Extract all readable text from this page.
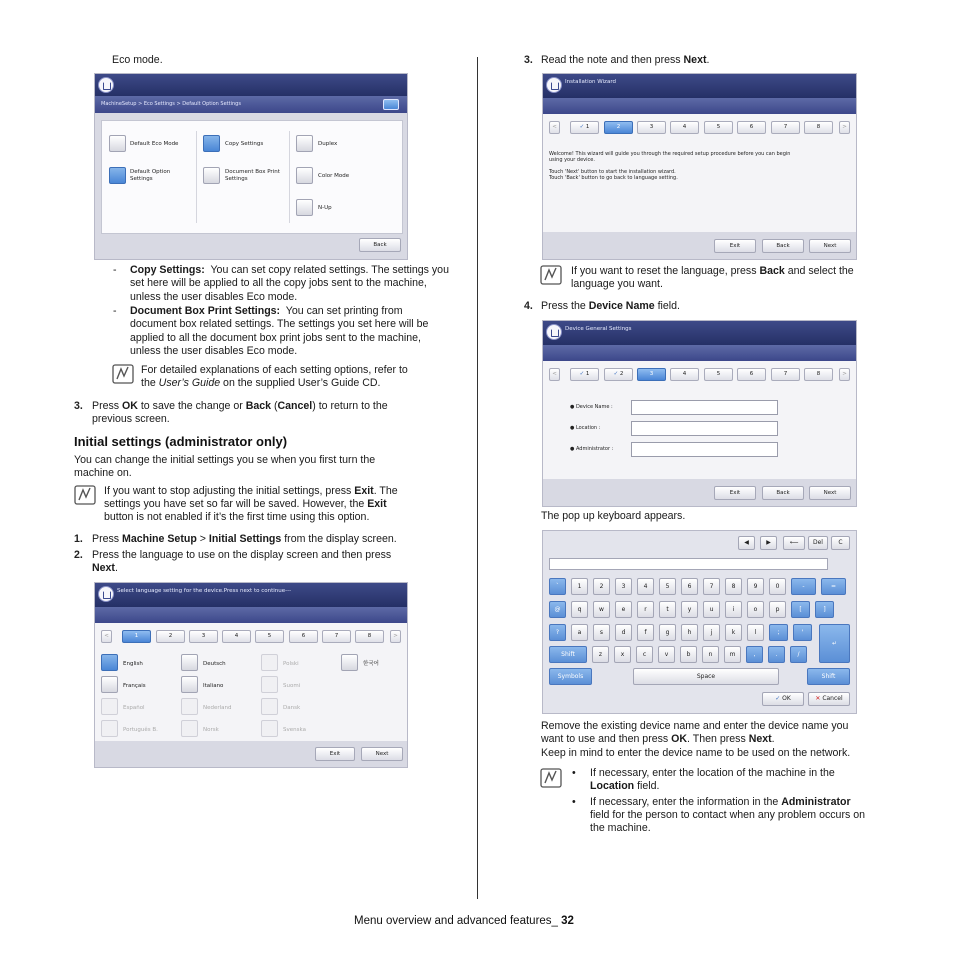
Eco mode.
MachineSetup > Eco Settings > Default Option Settings
Default Eco Mode
Default Option Settings
Copy Settings
Document Box Print Settings
Duplex
Color Mode
N-Up
Back
- Copy Settings: You can set copy related settings. The settings you set here will be applied to all the copy jobs sent to the machine, unless the user disables Eco mode.
- Document Box Print Settings: You can set printing from document box related settings. The settings you set here will be applied to all the document box print jobs sent to the machine, unless the user disables Eco mode.
For detailed explanations of each setting options, refer to
the User’s Guide on the supplied User’s Guide CD.
3. Press OK to save the change or Back (Cancel) to return to the
previous screen.
Initial settings (administrator only)
You can change the initial settings you se when you first turn the
machine on.
If you want to stop adjusting the initial settings, press Exit. The
settings you have set so far will be saved. However, the Exit
button is not enabled if it’s the first time using this option.
1. Press Machine Setup > Initial Settings from the display screen.
2. Press the language to use on the display screen and then press
Next.
Select language setting for the device.Press next to continue---
<	1	2	3	4	5	6	7	8	>
English	Deutsch	Polski	한국어
Français	Italiano	Suomi
Español	Nederland	Dansk
Português B.	Norsk	Svenska
Exit	Next
3. Read the note and then press Next.
Installation Wizard
<	✓ 1	2	3	4	5	6	7	8	>
Welcome! This wizard will guide you through the required setup procedure before you can begin
using your device.
Touch 'Next' button to start the installation wizard.
Touch 'Back' button to go back to language setting.
Exit	Back	Next
If you want to reset the language, press Back and select the
language you want.
4. Press the Device Name field.
Device General Settings
<	✓ 1	✓ 2	3	4	5	6	7	8	>
● Device Name :
● Location :
● Administrator :
Exit	Back	Next
The pop up keyboard appears.
◀	▶	⟵	Del	C
`	1	2	3	4	5	6	7	8	9	0	-	=
@	q	w	e	r	t	y	u	i	o	p	[	]
?	a	s	d	f	g	h	j	k	l	;	'
Shift	z	x	c	v	b	n	m	,	.	/
↵
Symbols	Space	Shift
✓ OK	✕ Cancel
Remove the existing device name and enter the device name you
want to use and then press OK. Then press Next.
Keep in mind to enter the device name to be used on the network.
• If necessary, enter the location of the machine in the
Location field.
• If necessary, enter the information in the Administrator
field for the person to contact when any problem occurs on
the machine.
Menu overview and advanced features_ 32
